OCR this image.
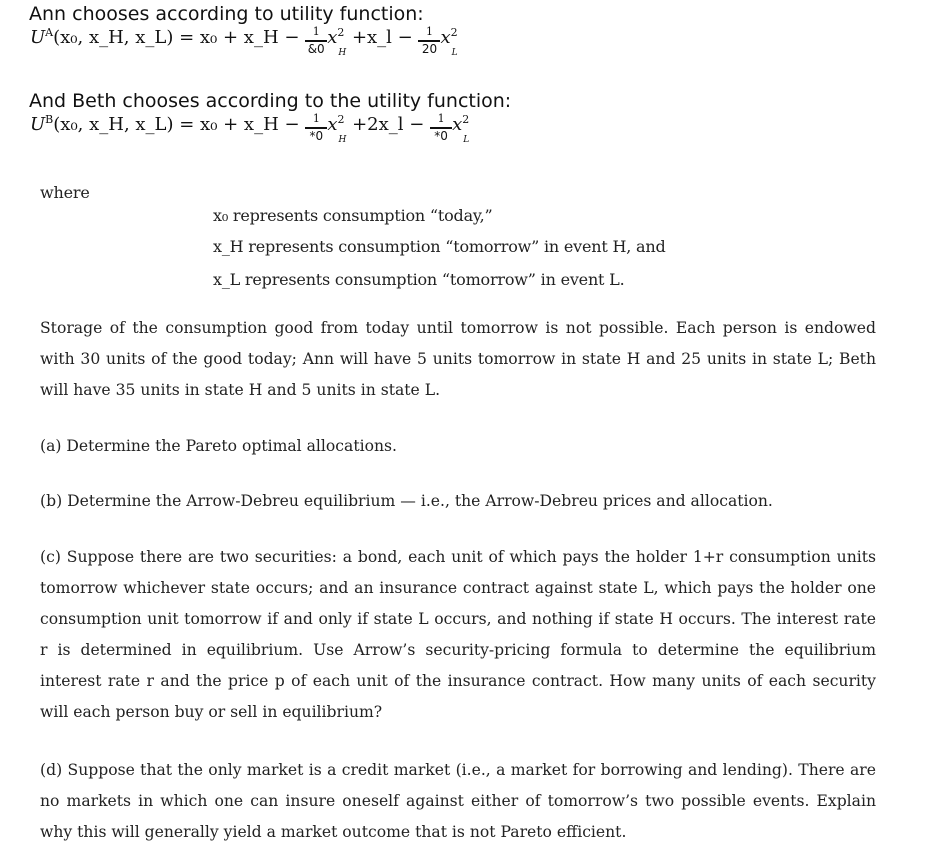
Ann chooses according to utility function:
$U^A(x_0$, x_H, x_L) = x₀ + x_H − $\frac{1}{\&0} x^2_H$ +x_l − $\frac{1}{20} x^2_L$
And Beth chooses according to the utility function:
$U^B(x_0$, x_H, x_L) = x₀ + x_H − $\frac{1}{*0} x^2_H$ +2x_l − $\frac{1}{*0} x^2_L$
where
x₀ represents consumption “today,”
x_H represents consumption “tomorrow” in event H, and
x_L represents consumption “tomorrow” in event L.
Storage of the consumption good from today until tomorrow is not possible. Each person is endowed with 30 units of the good today; Ann will have 5 units tomorrow in state H and 25 units in state L; Beth will have 35 units in state H and 5 units in state L.
(a) Determine the Pareto optimal allocations.
(b) Determine the Arrow-Debreu equilibrium — i.e., the Arrow-Debreu prices and allocation.
(c) Suppose there are two securities: a bond, each unit of which pays the holder 1+r consumption units tomorrow whichever state occurs; and an insurance contract against state L, which pays the holder one consumption unit tomorrow if and only if state L occurs, and nothing if state H occurs. The interest rate r is determined in equilibrium. Use Arrow’s security-pricing formula to determine the equilibrium interest rate r and the price p of each unit of the insurance contract. How many units of each security will each person buy or sell in equilibrium?
(d) Suppose that the only market is a credit market (i.e., a market for borrowing and lending). There are no markets in which one can insure oneself against either of tomorrow’s two possible events. Explain why this will generally yield a market outcome that is not Pareto efficient.
